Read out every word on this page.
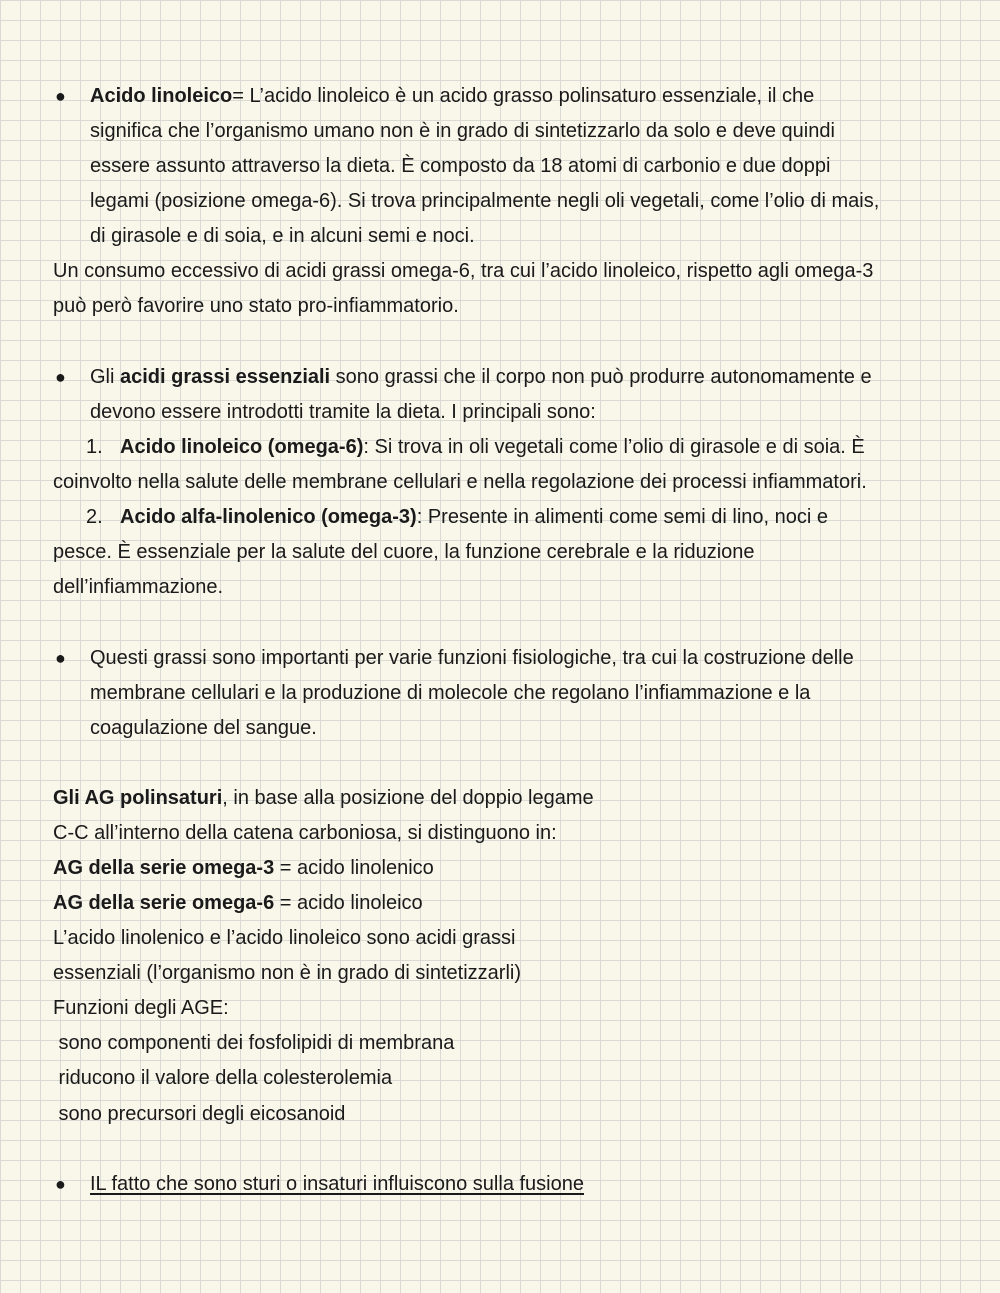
● Acido linoleico= L’acido linoleico è un acido grasso polinsaturo essenziale, il che
significa che l’organismo umano non è in grado di sintetizzarlo da solo e deve quindi
essere assunto attraverso la dieta. È composto da 18 atomi di carbonio e due doppi
legami (posizione omega-6). Si trova principalmente negli oli vegetali, come l’olio di mais,
di girasole e di soia, e in alcuni semi e noci.
Un consumo eccessivo di acidi grassi omega-6, tra cui l’acido linoleico, rispetto agli omega-3
può però favorire uno stato pro-infiammatorio.
● Gli acidi grassi essenziali sono grassi che il corpo non può produrre autonomamente e
devono essere introdotti tramite la dieta. I principali sono:
1. Acido linoleico (omega-6): Si trova in oli vegetali come l’olio di girasole e di soia. È
coinvolto nella salute delle membrane cellulari e nella regolazione dei processi infiammatori.
2. Acido alfa-linolenico (omega-3): Presente in alimenti come semi di lino, noci e
pesce. È essenziale per la salute del cuore, la funzione cerebrale e la riduzione
dell’infiammazione.
● Questi grassi sono importanti per varie funzioni fisiologiche, tra cui la costruzione delle
membrane cellulari e la produzione di molecole che regolano l’infiammazione e la
coagulazione del sangue.
Gli AG polinsaturi, in base alla posizione del doppio legame
C-C all’interno della catena carboniosa, si distinguono in:
AG della serie omega-3 = acido linolenico
AG della serie omega-6 = acido linoleico
L’acido linolenico e l’acido linoleico sono acidi grassi
essenziali (l’organismo non è in grado di sintetizzarli)
Funzioni degli AGE:
sono componenti dei fosfolipidi di membrana
riducono il valore della colesterolemia
sono precursori degli eicosanoid
● IL fatto che sono sturi o insaturi influiscono sulla fusione
